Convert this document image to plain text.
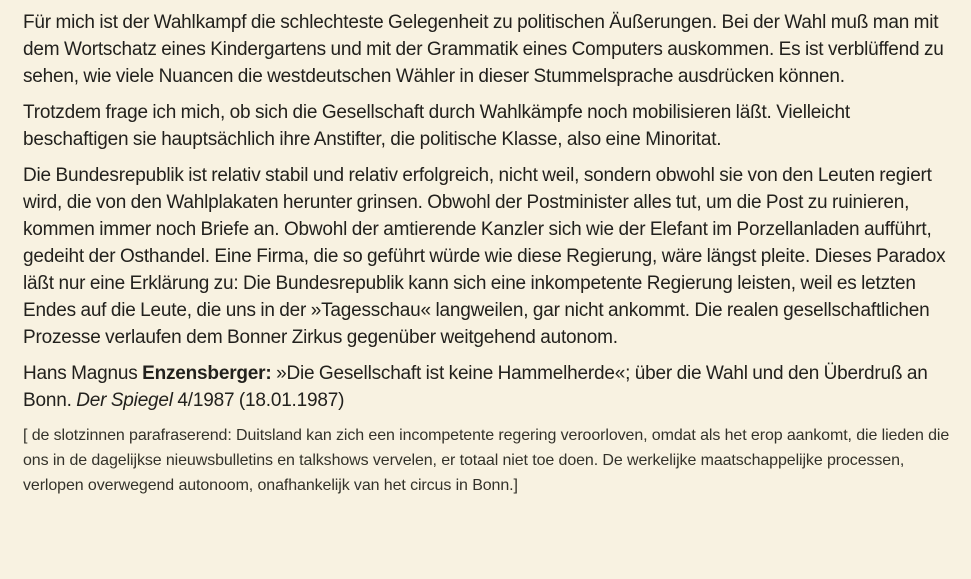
Für mich ist der Wahlkampf die schlechteste Gelegenheit zu politischen Äußerungen. Bei der Wahl muß man mit dem Wortschatz eines Kindergartens und mit der Grammatik eines Computers auskommen. Es ist verblüffend zu sehen, wie viele Nuancen die westdeutschen Wähler in dieser Stummelsprache ausdrücken können.

Trotzdem frage ich mich, ob sich die Gesellschaft durch Wahlkämpfe noch mobilisieren läßt. Vielleicht beschaftigen sie hauptsächlich ihre Anstifter, die politische Klasse, also eine Minoritat.

Die Bundesrepublik ist relativ stabil und relativ erfolgreich, nicht weil, sondern obwohl sie von den Leuten regiert wird, die von den Wahlplakaten herunter grinsen. Obwohl der Postminister alles tut, um die Post zu ruinieren, kommen immer noch Briefe an. Obwohl der amtierende Kanzler sich wie der Elefant im Porzellanladen aufführt, gedeiht der Osthandel. Eine Firma, die so geführt würde wie diese Regierung, wäre längst pleite. Dieses Paradox läßt nur eine Erklärung zu: Die Bundesrepublik kann sich eine inkompetente Regierung leisten, weil es letzten Endes auf die Leute, die uns in der »Tagesschau« langweilen, gar nicht ankommt. Die realen gesellschaftlichen Prozesse verlaufen dem Bonner Zirkus gegenüber weitgehend autonom.

Hans Magnus Enzensberger: »Die Gesellschaft ist keine Hammelherde«; über die Wahl und den Überdruß an Bonn. Der Spiegel 4/1987 (18.01.1987)

[ de slotzinnen parafraserend: Duitsland kan zich een incompetente regering veroorloven, omdat als het erop aankomt, die lieden die ons in de dagelijkse nieuwsbulletins en talkshows vervelen, er totaal niet toe doen. De werkelijke maatschappelijke processen, verlopen overwegend autonoom, onafhankelijk van het circus in Bonn.]
